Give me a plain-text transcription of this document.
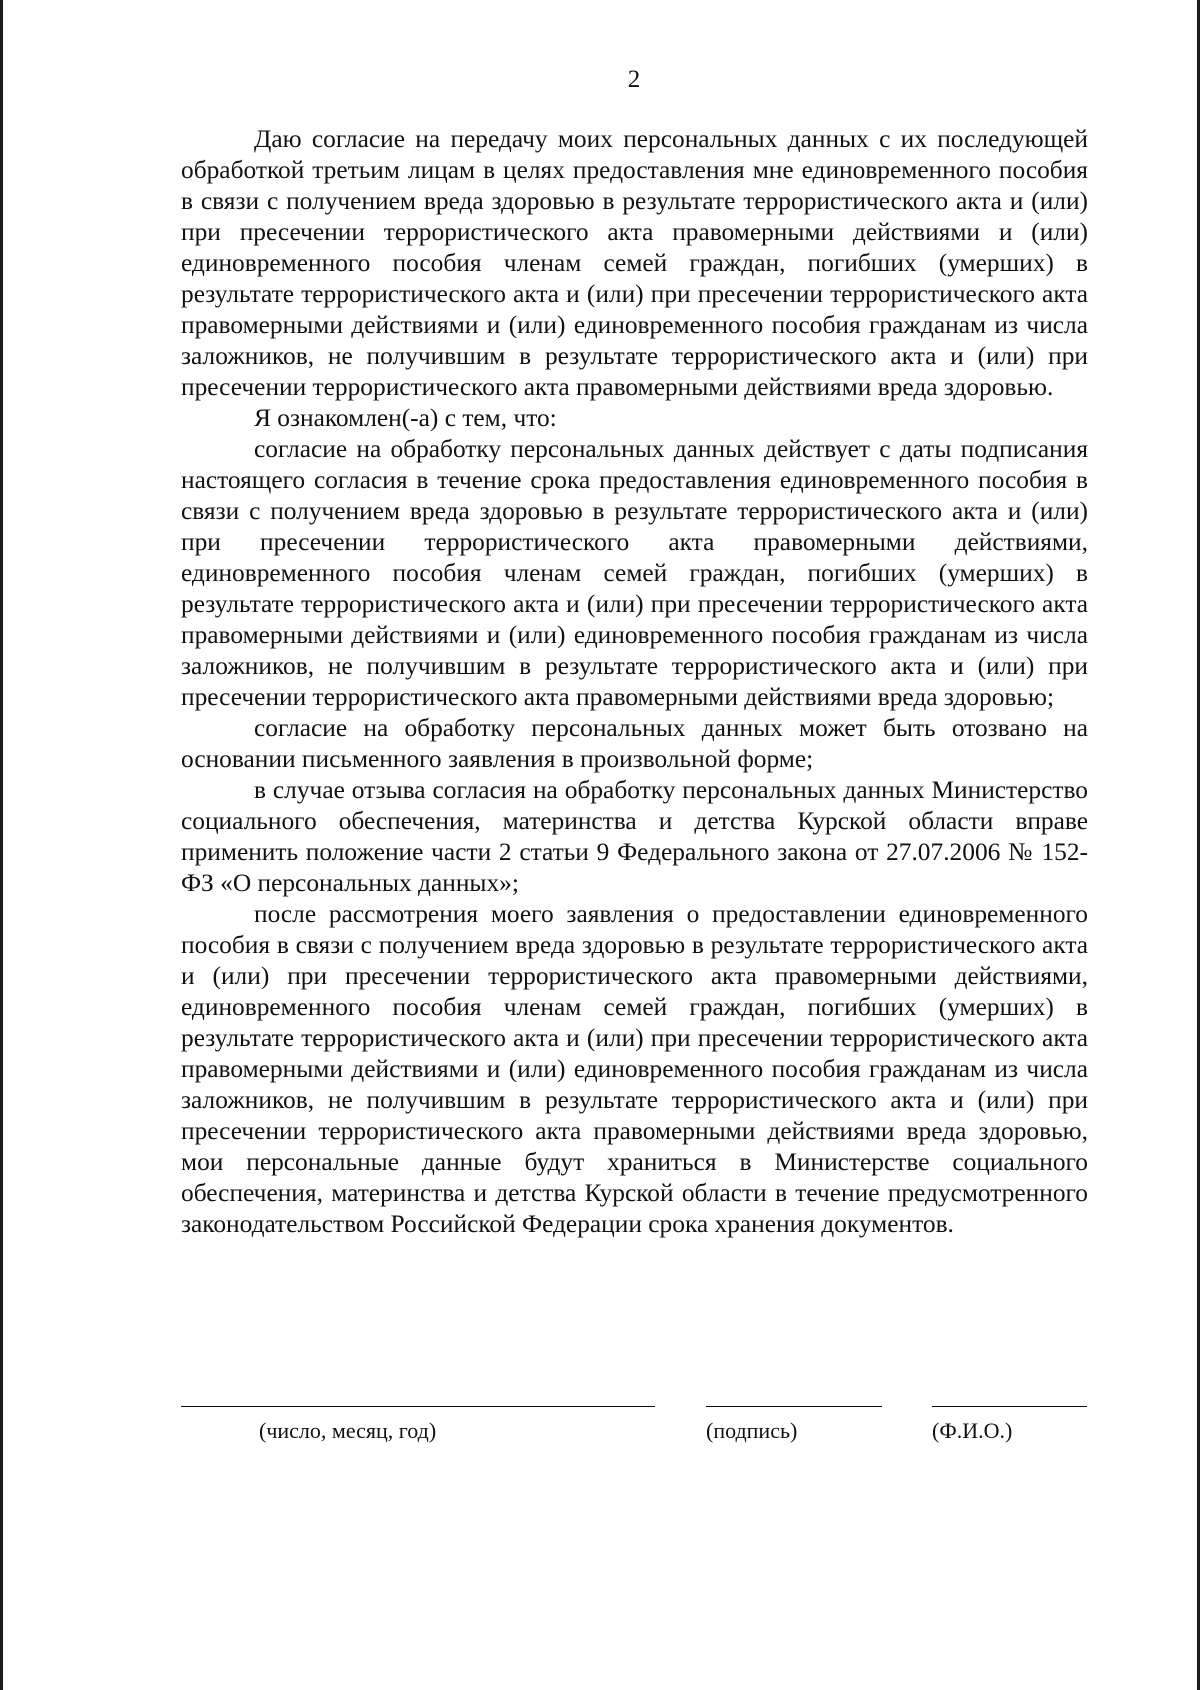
2

Даю согласие на передачу моих персональных данных с их последующей обработкой третьим лицам в целях предоставления мне единовременного пособия в связи с получением вреда здоровью в результате террористического акта и (или) при пресечении террористического акта правомерными действиями и (или) единовременного пособия членам семей граждан, погибших (умерших) в результате террористического акта и (или) при пресечении террористического акта правомерными действиями и (или) единовременного пособия гражданам из числа заложников, не получившим в результате террористического акта и (или) при пресечении террористического акта правомерными действиями вреда здоровью.

Я ознакомлен(-а) с тем, что:

согласие на обработку персональных данных действует с даты подписания настоящего согласия в течение срока предоставления единовременного пособия в связи с получением вреда здоровью в результате террористического акта и (или) при пресечении террористического акта правомерными действиями, единовременного пособия членам семей граждан, погибших (умерших) в результате террористического акта и (или) при пресечении террористического акта правомерными действиями и (или) единовременного пособия гражданам из числа заложников, не получившим в результате террористического акта и (или) при пресечении террористического акта правомерными действиями вреда здоровью;

согласие на обработку персональных данных может быть отозвано на основании письменного заявления в произвольной форме;

в случае отзыва согласия на обработку персональных данных Министерство социального обеспечения, материнства и детства Курской области вправе применить положение части 2 статьи 9 Федерального закона от 27.07.2006 № 152-ФЗ «О персональных данных»;

после рассмотрения моего заявления о предоставлении единовременного пособия в связи с получением вреда здоровью в результате террористического акта и (или) при пресечении террористического акта правомерными действиями, единовременного пособия членам семей граждан, погибших (умерших) в результате террористического акта и (или) при пресечении террористического акта правомерными действиями и (или) единовременного пособия гражданам из числа заложников, не получившим в результате террористического акта и (или) при пресечении террористического акта правомерными действиями вреда здоровью, мои персональные данные будут храниться в Министерстве социального обеспечения, материнства и детства Курской области в течение предусмотренного законодательством Российской Федерации срока хранения документов.

(число, месяц, год)	(подпись)	(Ф.И.О.)
